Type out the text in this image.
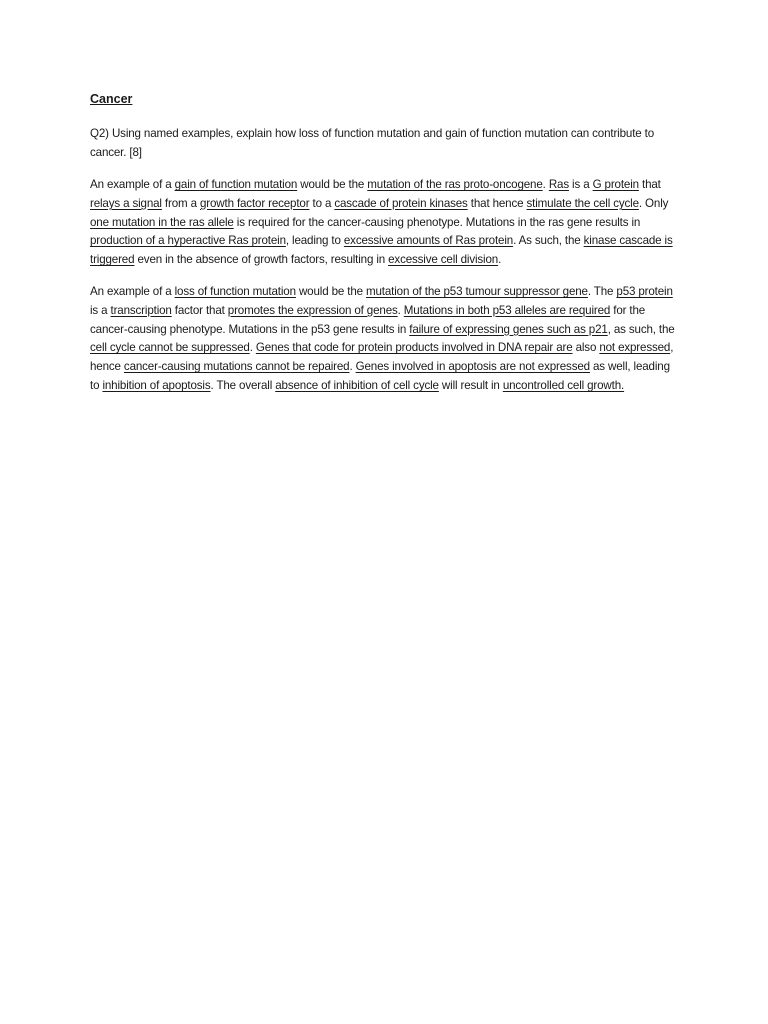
Cancer
Q2) Using named examples, explain how loss of function mutation and gain of function mutation can contribute to cancer. [8]
An example of a gain of function mutation would be the mutation of the ras proto-oncogene. Ras is a G protein that relays a signal from a growth factor receptor to a cascade of protein kinases that hence stimulate the cell cycle. Only one mutation in the ras allele is required for the cancer-causing phenotype. Mutations in the ras gene results in production of a hyperactive Ras protein, leading to excessive amounts of Ras protein. As such, the kinase cascade is triggered even in the absence of growth factors, resulting in excessive cell division.
An example of a loss of function mutation would be the mutation of the p53 tumour suppressor gene. The p53 protein is a transcription factor that promotes the expression of genes. Mutations in both p53 alleles are required for the cancer-causing phenotype. Mutations in the p53 gene results in failure of expressing genes such as p21, as such, the cell cycle cannot be suppressed. Genes that code for protein products involved in DNA repair are also not expressed, hence cancer-causing mutations cannot be repaired. Genes involved in apoptosis are not expressed as well, leading to inhibition of apoptosis. The overall absence of inhibition of cell cycle will result in uncontrolled cell growth.
